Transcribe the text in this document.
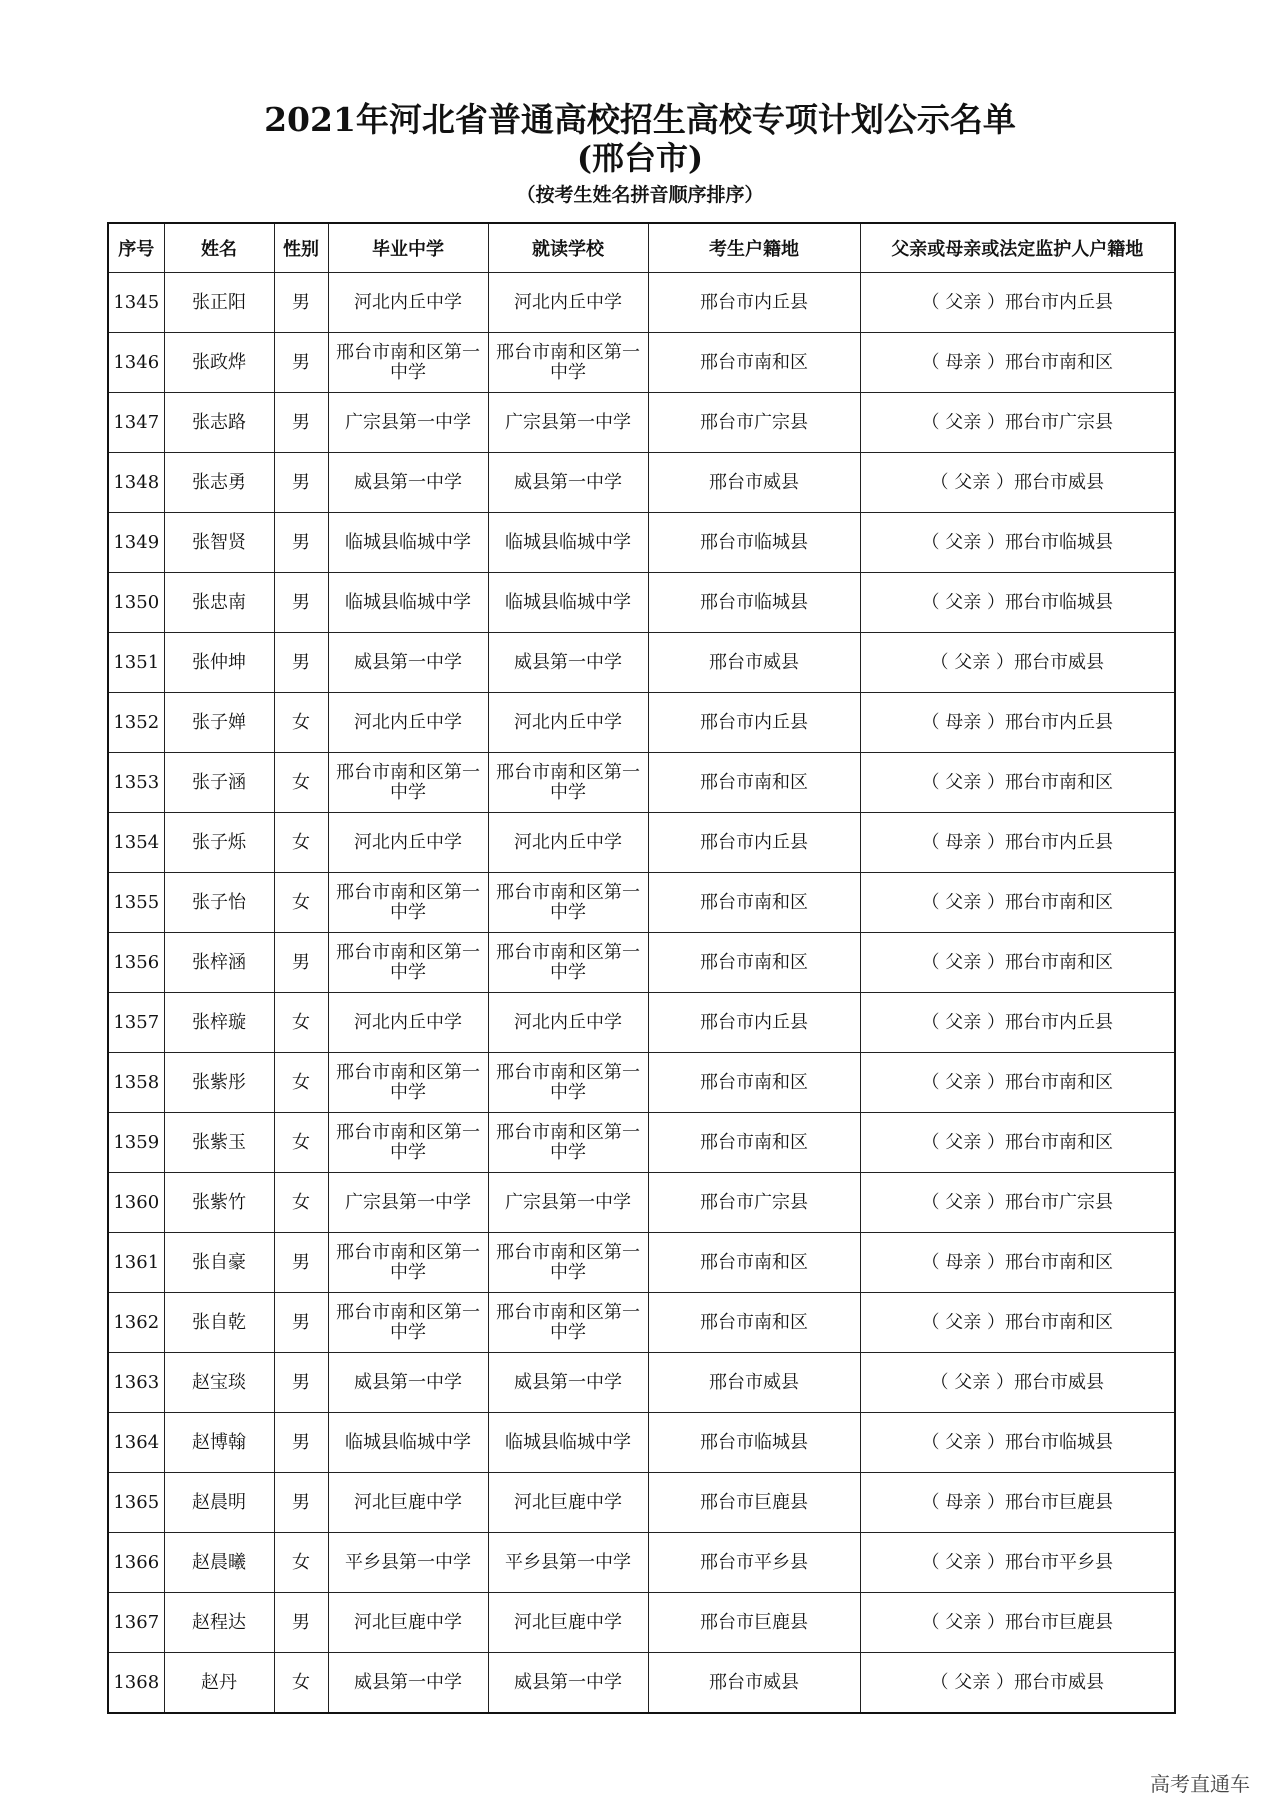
2021年河北省普通高校招生高校专项计划公示名单
(邢台市)
（按考生姓名拼音顺序排序）
序号	姓名	性别	毕业中学	就读学校	考生户籍地	父亲或母亲或法定监护人户籍地
1345	张正阳	男	河北内丘中学	河北内丘中学	邢台市内丘县	（ 父亲 ）邢台市内丘县
1346	张政烨	男	邢台市南和区第一中学	邢台市南和区第一中学	邢台市南和区	（ 母亲 ）邢台市南和区
1347	张志路	男	广宗县第一中学	广宗县第一中学	邢台市广宗县	（ 父亲 ）邢台市广宗县
1348	张志勇	男	威县第一中学	威县第一中学	邢台市威县	（ 父亲 ）邢台市威县
1349	张智贤	男	临城县临城中学	临城县临城中学	邢台市临城县	（ 父亲 ）邢台市临城县
1350	张忠南	男	临城县临城中学	临城县临城中学	邢台市临城县	（ 父亲 ）邢台市临城县
1351	张仲坤	男	威县第一中学	威县第一中学	邢台市威县	（ 父亲 ）邢台市威县
1352	张子婵	女	河北内丘中学	河北内丘中学	邢台市内丘县	（ 母亲 ）邢台市内丘县
1353	张子涵	女	邢台市南和区第一中学	邢台市南和区第一中学	邢台市南和区	（ 父亲 ）邢台市南和区
1354	张子烁	女	河北内丘中学	河北内丘中学	邢台市内丘县	（ 母亲 ）邢台市内丘县
1355	张子怡	女	邢台市南和区第一中学	邢台市南和区第一中学	邢台市南和区	（ 父亲 ）邢台市南和区
1356	张梓涵	男	邢台市南和区第一中学	邢台市南和区第一中学	邢台市南和区	（ 父亲 ）邢台市南和区
1357	张梓璇	女	河北内丘中学	河北内丘中学	邢台市内丘县	（ 父亲 ）邢台市内丘县
1358	张紫彤	女	邢台市南和区第一中学	邢台市南和区第一中学	邢台市南和区	（ 父亲 ）邢台市南和区
1359	张紫玉	女	邢台市南和区第一中学	邢台市南和区第一中学	邢台市南和区	（ 父亲 ）邢台市南和区
1360	张紫竹	女	广宗县第一中学	广宗县第一中学	邢台市广宗县	（ 父亲 ）邢台市广宗县
1361	张自豪	男	邢台市南和区第一中学	邢台市南和区第一中学	邢台市南和区	（ 母亲 ）邢台市南和区
1362	张自乾	男	邢台市南和区第一中学	邢台市南和区第一中学	邢台市南和区	（ 父亲 ）邢台市南和区
1363	赵宝琰	男	威县第一中学	威县第一中学	邢台市威县	（ 父亲 ）邢台市威县
1364	赵博翰	男	临城县临城中学	临城县临城中学	邢台市临城县	（ 父亲 ）邢台市临城县
1365	赵晨明	男	河北巨鹿中学	河北巨鹿中学	邢台市巨鹿县	（ 母亲 ）邢台市巨鹿县
1366	赵晨曦	女	平乡县第一中学	平乡县第一中学	邢台市平乡县	（ 父亲 ）邢台市平乡县
1367	赵程达	男	河北巨鹿中学	河北巨鹿中学	邢台市巨鹿县	（ 父亲 ）邢台市巨鹿县
1368	赵丹	女	威县第一中学	威县第一中学	邢台市威县	（ 父亲 ）邢台市威县
高考直通车
